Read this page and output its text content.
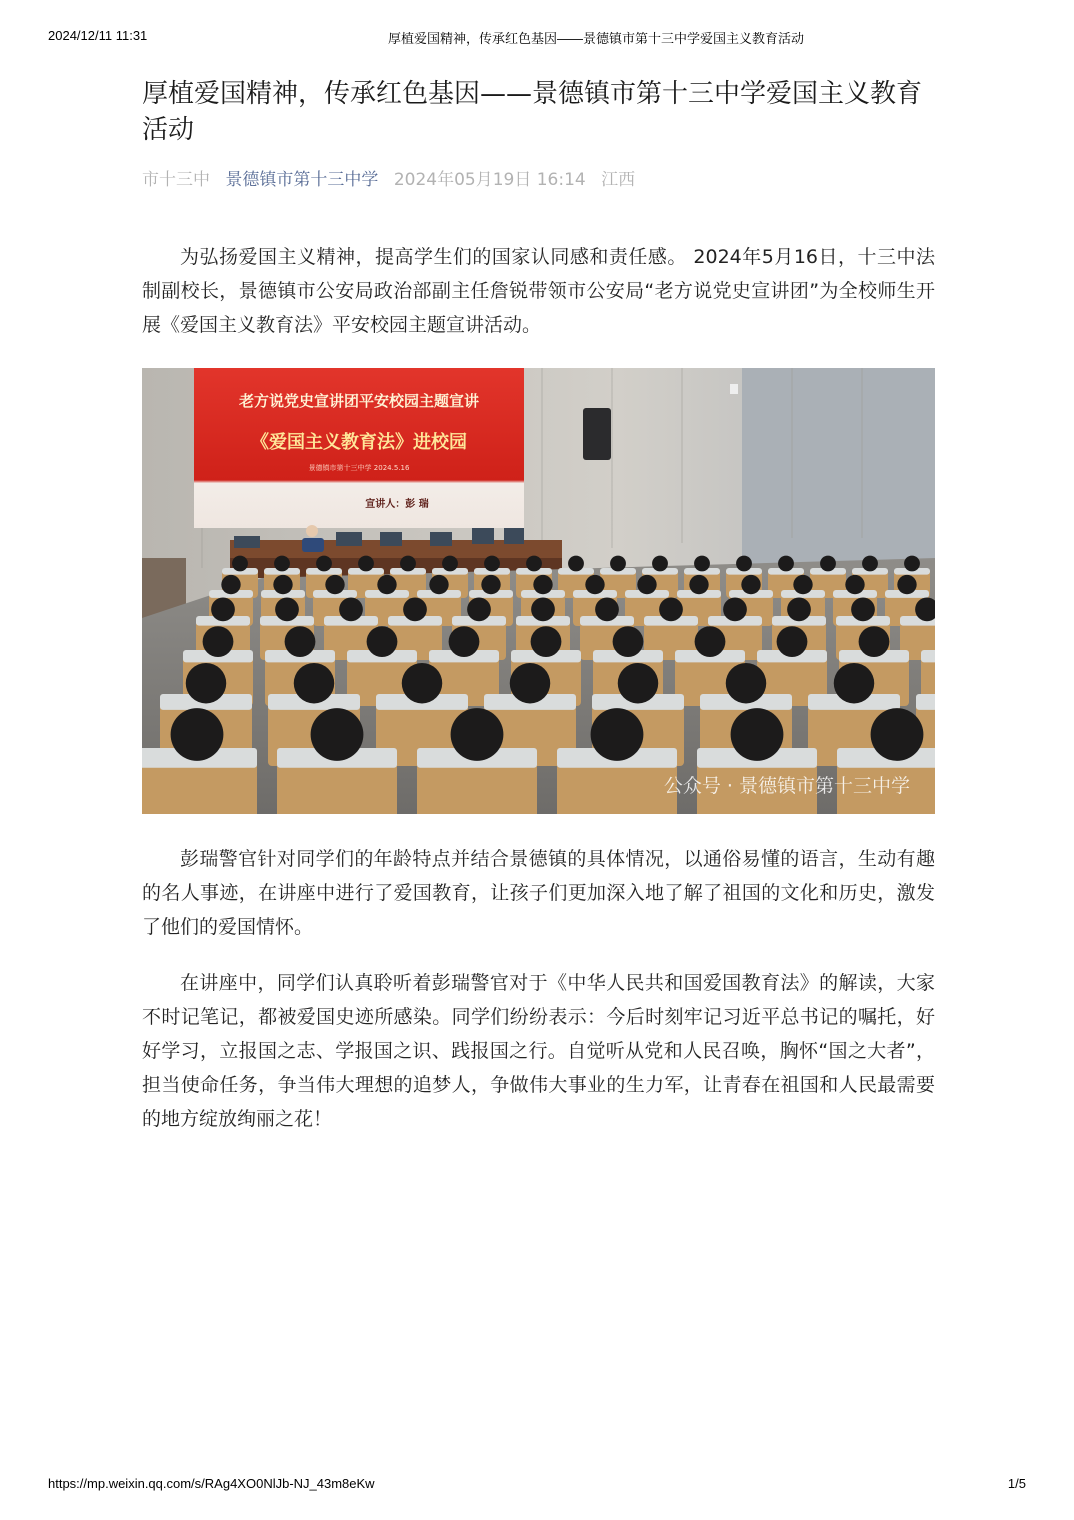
2024/12/11 11:31	厚植爱国精神，传承红色基因——景德镇市第十三中学爱国主义教育活动
厚植爱国精神，传承红色基因——景德镇市第十三中学爱国主义教育活动
市十三中 景德镇市第十三中学 2024年05月19日 16:14 江西

为弘扬爱国主义精神，提高学生们的国家认同感和责任感。 2024年5月16日，十三中法制副校长，景德镇市公安局政治部副主任詹锐带领市公安局“老方说党史宣讲团”为全校师生开展《爱国主义教育法》平安校园主题宣讲活动。

老方说党史宣讲团平安校园主题宣讲
《爱国主义教育法》进校园
景德镇市第十三中学 2024.5.16
宣讲人：彭 瑞
公众号 · 景德镇市第十三中学

彭瑞警官针对同学们的年龄特点并结合景德镇的具体情况，以通俗易懂的语言，生动有趣的名人事迹，在讲座中进行了爱国教育，让孩子们更加深入地了解了祖国的文化和历史，激发了他们的爱国情怀。

在讲座中，同学们认真聆听着彭瑞警官对于《中华人民共和国爱国教育法》的解读，大家不时记笔记，都被爱国史迹所感染。同学们纷纷表示：今后时刻牢记习近平总书记的嘱托，好好学习，立报国之志、学报国之识、践报国之行。自觉听从党和人民召唤，胸怀“国之大者”，担当使命任务，争当伟大理想的追梦人，争做伟大事业的生力军，让青春在祖国和人民最需要的地方绽放绚丽之花！

https://mp.weixin.qq.com/s/RAg4XO0NlJb-NJ_43m8eKw	1/5
